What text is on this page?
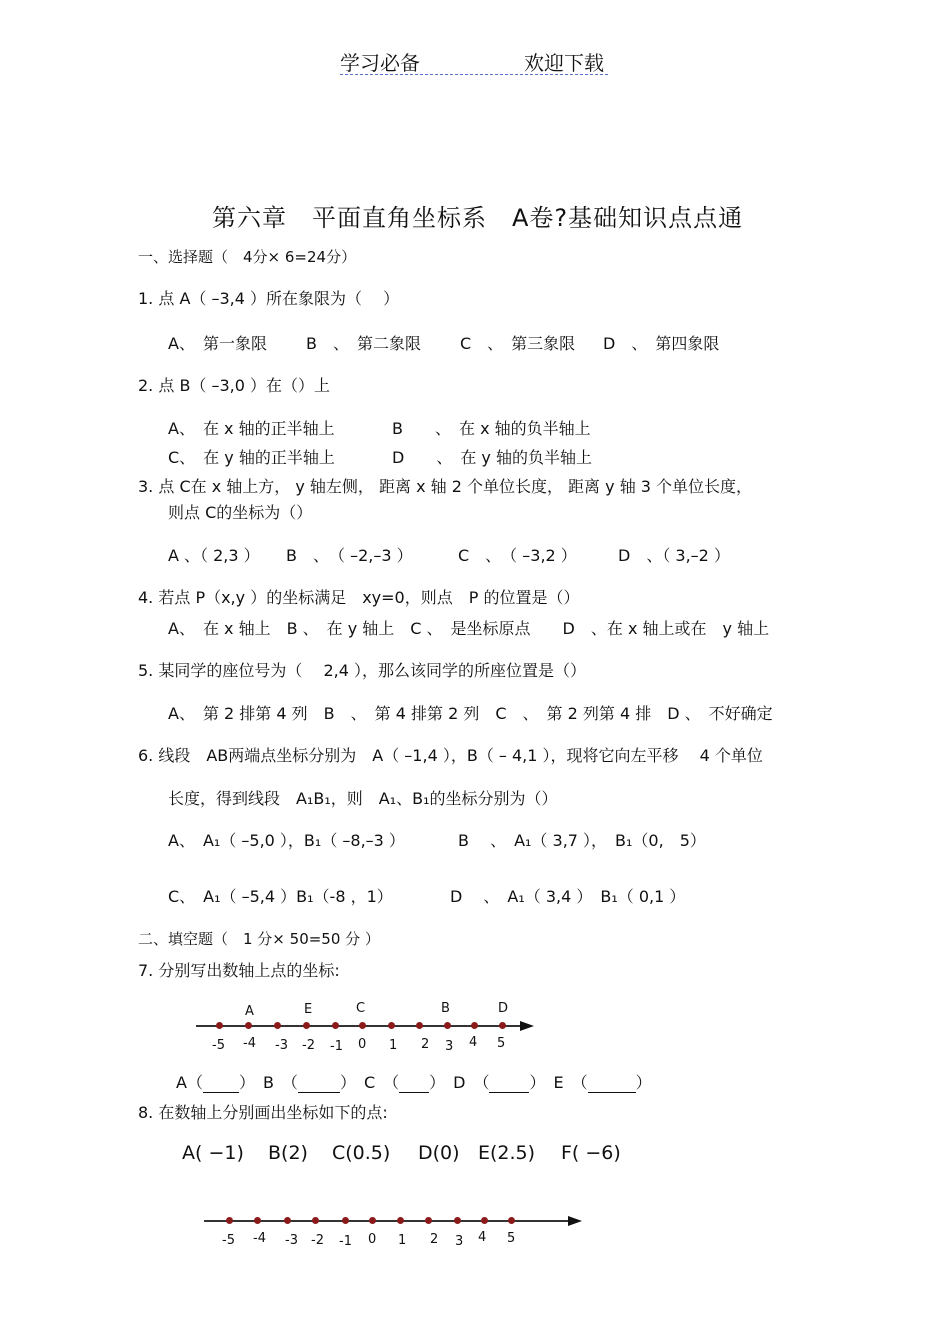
学习必备	欢迎下载
第六章　平面直角坐标系　A卷?基础知识点点通
一、选择题（　4分× 6=24分）
1. 点 A（ –3,4 ）所在象限为（　 ）
A、　第一象限 B　、　第二象限 C　、　第三象限 D　、　第四象限
2. 点 B（ –3,0 ）在（）上
A、　在 x 轴的正半轴上	B　　、　在 x 轴的负半轴上
C、　在 y 轴的正半轴上	D　　、　在 y 轴的负半轴上
3. 点 C在 x 轴上方， y 轴左侧， 距离 x 轴 2 个单位长度， 距离 y 轴 3 个单位长度，
则点 C的坐标为（）
A 、（ 2,3 ） B　、　（ –2,–3 ）	C　、　（ –3,2 ）	D　、（ 3,–2 ）
4. 若点 P（x,y ）的坐标满足　xy=0，则点　P 的位置是（）
A、　在 x 轴上　B 、　在 y 轴上　C 、　是坐标原点　　D　、在 x 轴上或在　y 轴上
5. 某同学的座位号为（　 2,4 ），那么该同学的所座位置是（）
A、　第 2 排第 4 列　B　、　第 4 排第 2 列　C　、　第 2 列第 4 排　D 、　不好确定
6. 线段　AB两端点坐标分别为　A（ –1,4 ），B（ – 4,1 ），现将它向左平移　 4 个单位
长度，得到线段　A₁B₁，则　A₁、B₁的坐标分别为（）
A、　A₁（ –5,0 ），B₁（ –8,–3 ）	B　 、　A₁（ 3,7 ），　B₁（0,　5）
C、　A₁（ –5,4 ）B₁（-8 ，1）	D　 、　A₁（ 3,4 ）　B₁（ 0,1 ）
二、填空题（　1 分× 50=50 分 ）
7. 分别写出数轴上点的坐标:
A	E	C	B	D
-5 -4 -3 -2 -1 0 1 2 3 4 5
A（ ）　B　（	）　C　（ ）　D　（	）　E　（	）
8. 在数轴上分别画出坐标如下的点:
A( −1) B(2) C(0.5) D(0) E(2.5) F( −6)
-5 -4 -3 -2 -1 0 1 2 3 4 5
